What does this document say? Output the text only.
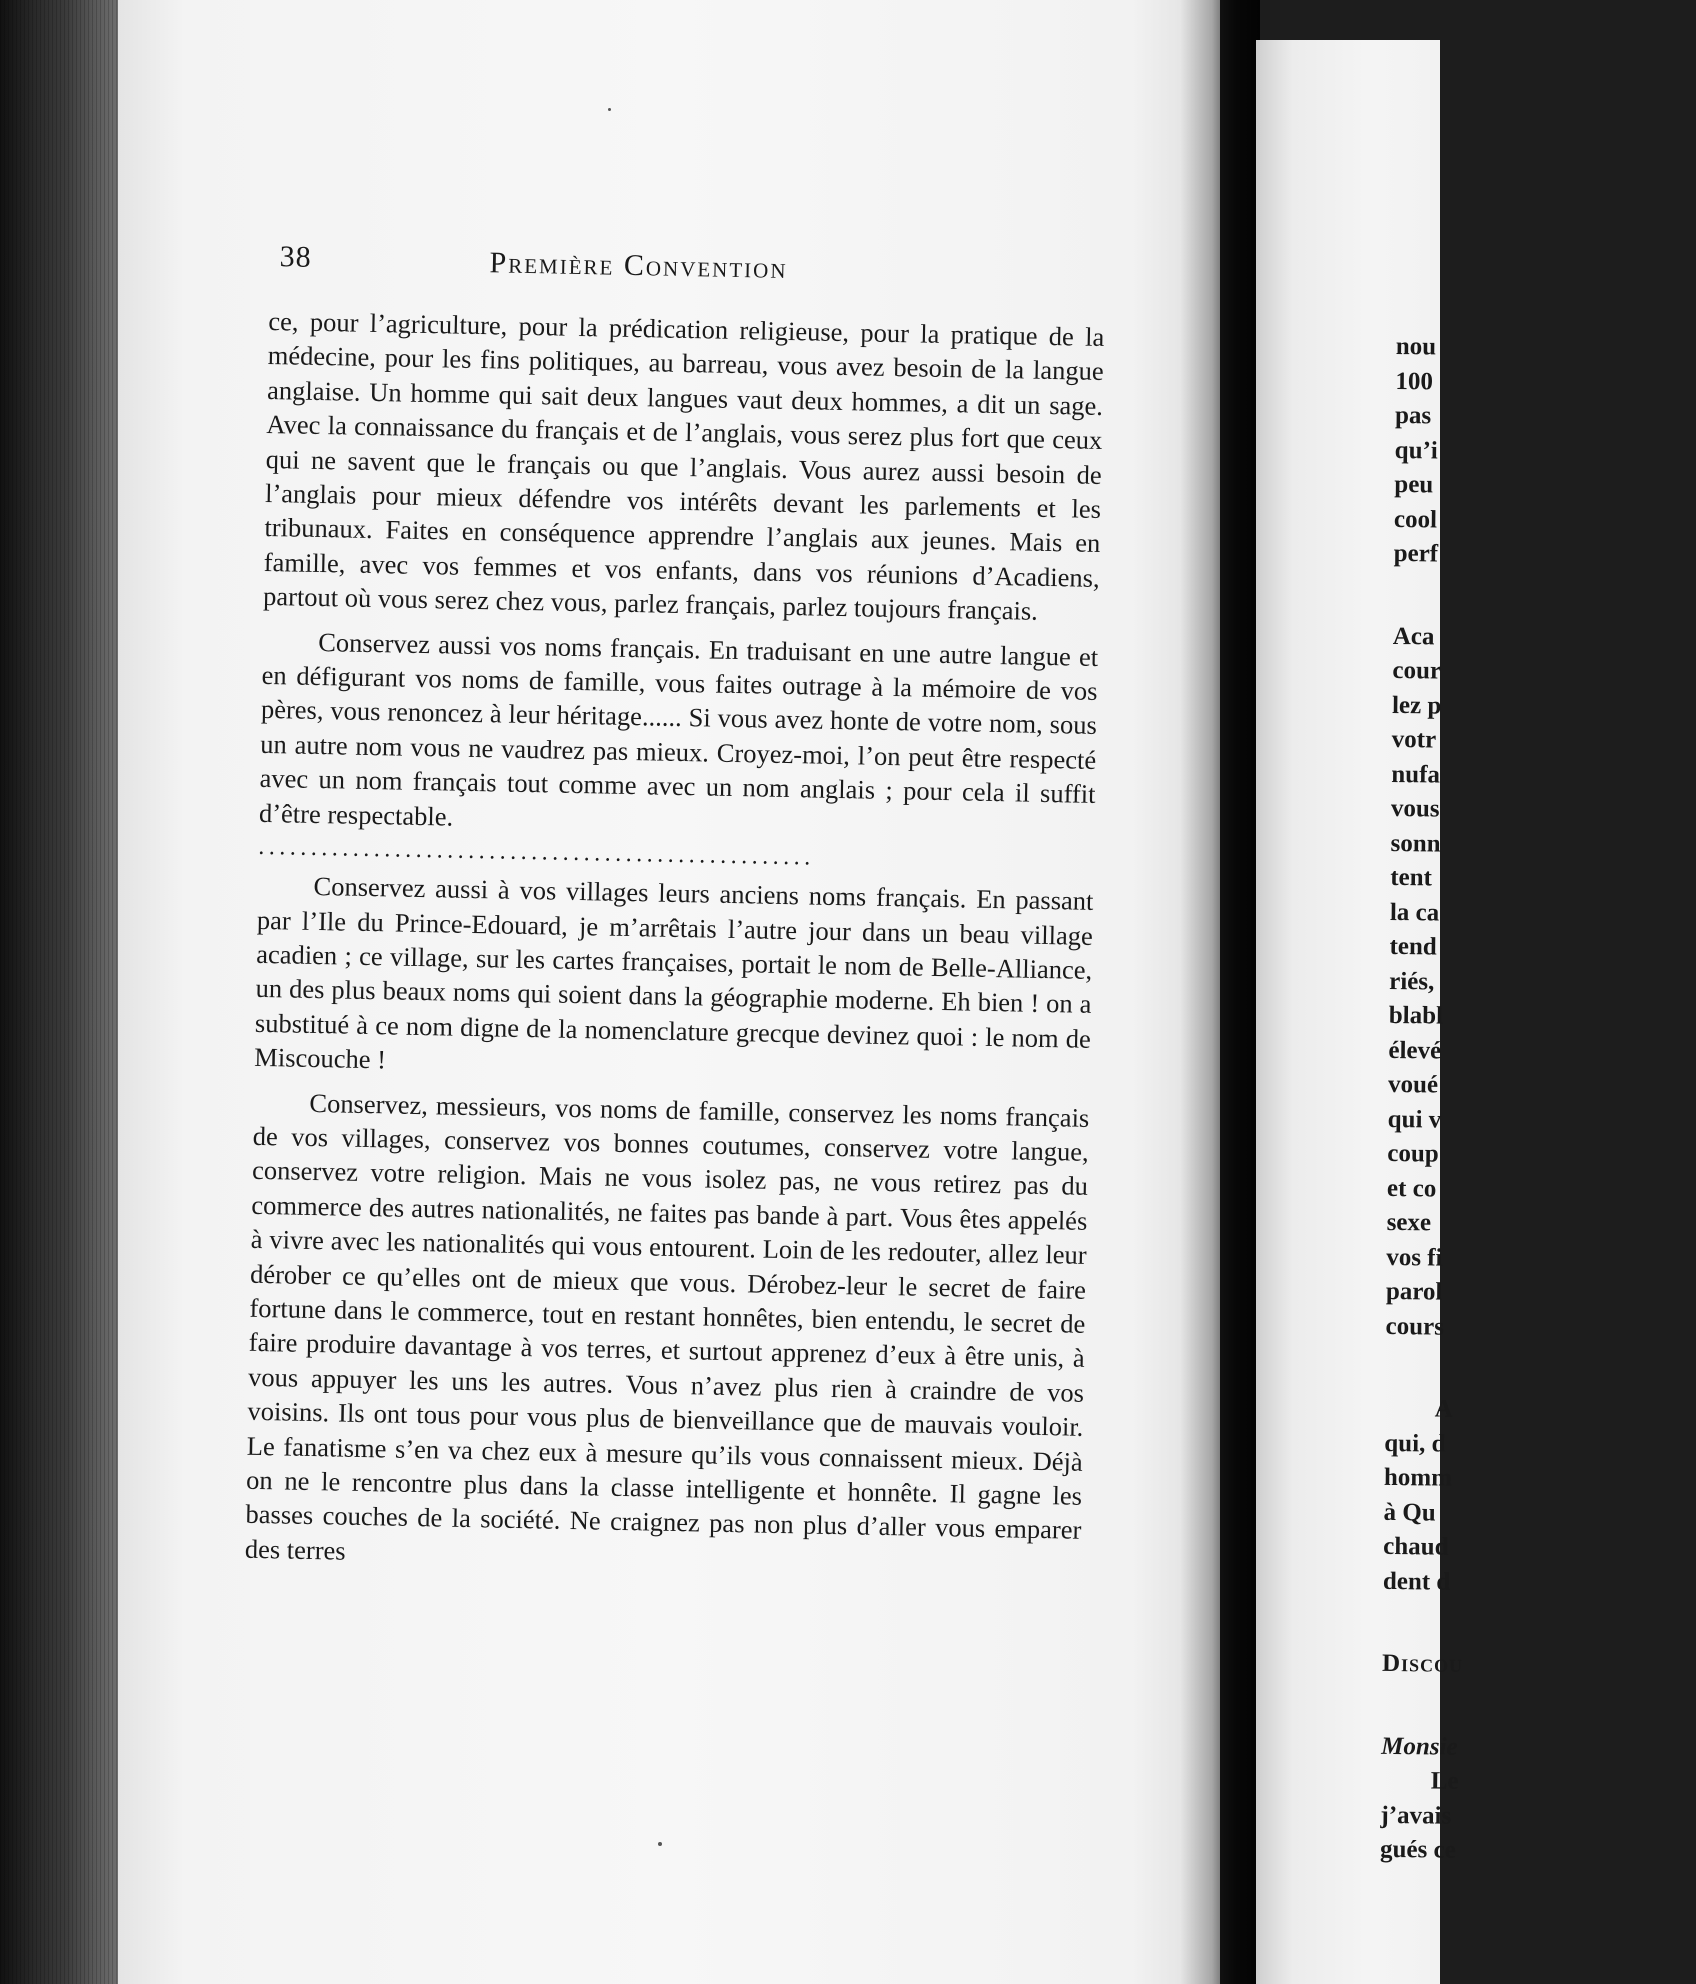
38	Première Convention

ce, pour l’agriculture, pour la prédication religieuse, pour la pratique de la médecine, pour les fins politiques, au barreau, vous avez besoin de la langue anglaise. Un homme qui sait deux langues vaut deux hommes, a dit un sage. Avec la connaissance du français et de l’anglais, vous serez plus fort que ceux qui ne savent que le français ou que l’anglais. Vous aurez aussi besoin de l’anglais pour mieux défendre vos intérêts devant les parlements et les tribunaux. Faites en conséquence apprendre l’anglais aux jeunes. Mais en famille, avec vos femmes et vos enfants, dans vos réunions d’Acadiens, partout où vous serez chez vous, parlez français, parlez toujours français.

Conservez aussi vos noms français. En traduisant en une autre langue et en défigurant vos noms de famille, vous faites outrage à la mémoire de vos pères, vous renoncez à leur héritage...... Si vous avez honte de votre nom, sous un autre nom vous ne vaudrez pas mieux. Croyez-moi, l’on peut être respecté avec un nom français tout comme avec un nom anglais ; pour cela il suffit d’être respectable.

.....................................................

Conservez aussi à vos villages leurs anciens noms français. En passant par l’Ile du Prince-Edouard, je m’arrêtais l’autre jour dans un beau village acadien ; ce village, sur les cartes françaises, portait le nom de Belle-Alliance, un des plus beaux noms qui soient dans la géographie moderne. Eh bien ! on a substitué à ce nom digne de la nomenclature grecque devinez quoi : le nom de Miscouche !

Conservez, messieurs, vos noms de famille, conservez les noms français de vos villages, conservez vos bonnes coutumes, conservez votre langue, conservez votre religion. Mais ne vous isolez pas, ne vous retirez pas du commerce des autres nationalités, ne faites pas bande à part. Vous êtes appelés à vivre avec les nationalités qui vous entourent. Loin de les redouter, allez leur dérober ce qu’elles ont de mieux que vous. Dérobez-leur le secret de faire fortune dans le commerce, tout en restant honnêtes, bien entendu, le secret de faire produire davantage à vos terres, et surtout apprenez d’eux à être unis, à vous appuyer les uns les autres. Vous n’avez plus rien à craindre de vos voisins. Ils ont tous pour vous plus de bienveillance que de mauvais vouloir. Le fanatisme s’en va chez eux à mesure qu’ils vous connaissent mieux. Déjà on ne le rencontre plus dans la classe intelligente et honnête. Il gagne les basses couches de la société. Ne craignez pas non plus d’aller vous emparer des terres

nou
100
pas
qu’i
peu
cool
perf
Aca
cour
lez p
votr
nufa
vous
sonn
tent
la ca
tend
riés,
blabl
élevé
voué
qui v
coup
et co
sexe
vos fi
parol
cours
A
qui, d
homm
à Qu
chaud
dent d
Discou
Monsie
Le
j’avais
gués ce
